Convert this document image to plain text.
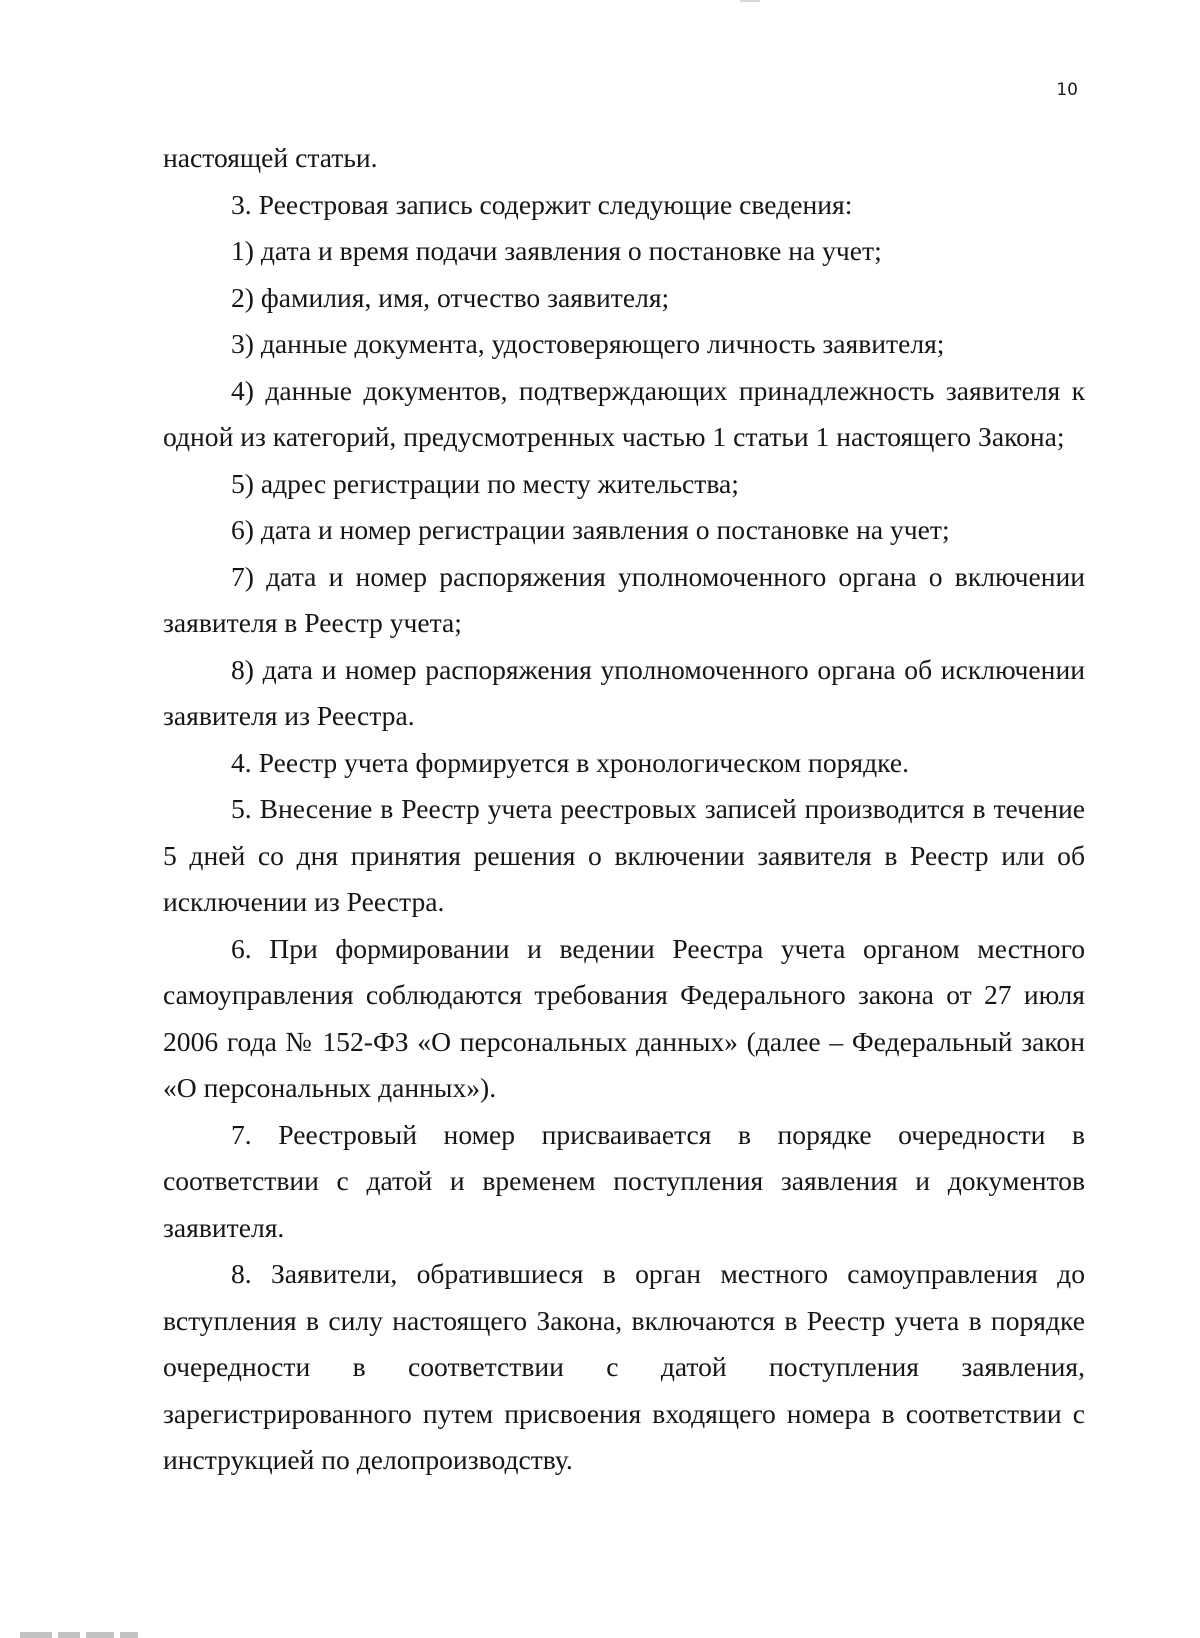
10

настоящей статьи.

3. Реестровая запись содержит следующие сведения:

1) дата и время подачи заявления о постановке на учет;

2) фамилия, имя, отчество заявителя;

3) данные документа, удостоверяющего личность заявителя;

4) данные документов, подтверждающих принадлежность заявителя к одной из категорий, предусмотренных частью 1 статьи 1 настоящего Закона;

5) адрес регистрации по месту жительства;

6) дата и номер регистрации заявления о постановке на учет;

7) дата и номер распоряжения уполномоченного органа о включении заявителя в Реестр учета;

8) дата и номер распоряжения уполномоченного органа об исключении заявителя из Реестра.

4. Реестр учета формируется в хронологическом порядке.

5. Внесение в Реестр учета реестровых записей производится в течение 5 дней со дня принятия решения о включении заявителя в Реестр или об исключении из Реестра.

6. При формировании и ведении Реестра учета органом местного самоуправления соблюдаются требования Федерального закона от 27 июля 2006 года № 152-ФЗ «О персональных данных» (далее – Федеральный закон «О персональных данных»).

7. Реестровый номер присваивается в порядке очередности в соответствии с датой и временем поступления заявления и документов заявителя.

8. Заявители, обратившиеся в орган местного самоуправления до вступления в силу настоящего Закона, включаются в Реестр учета в порядке очередности в соответствии с датой поступления заявления, зарегистрированного путем присвоения входящего номера в соответствии с инструкцией по делопроизводству.
